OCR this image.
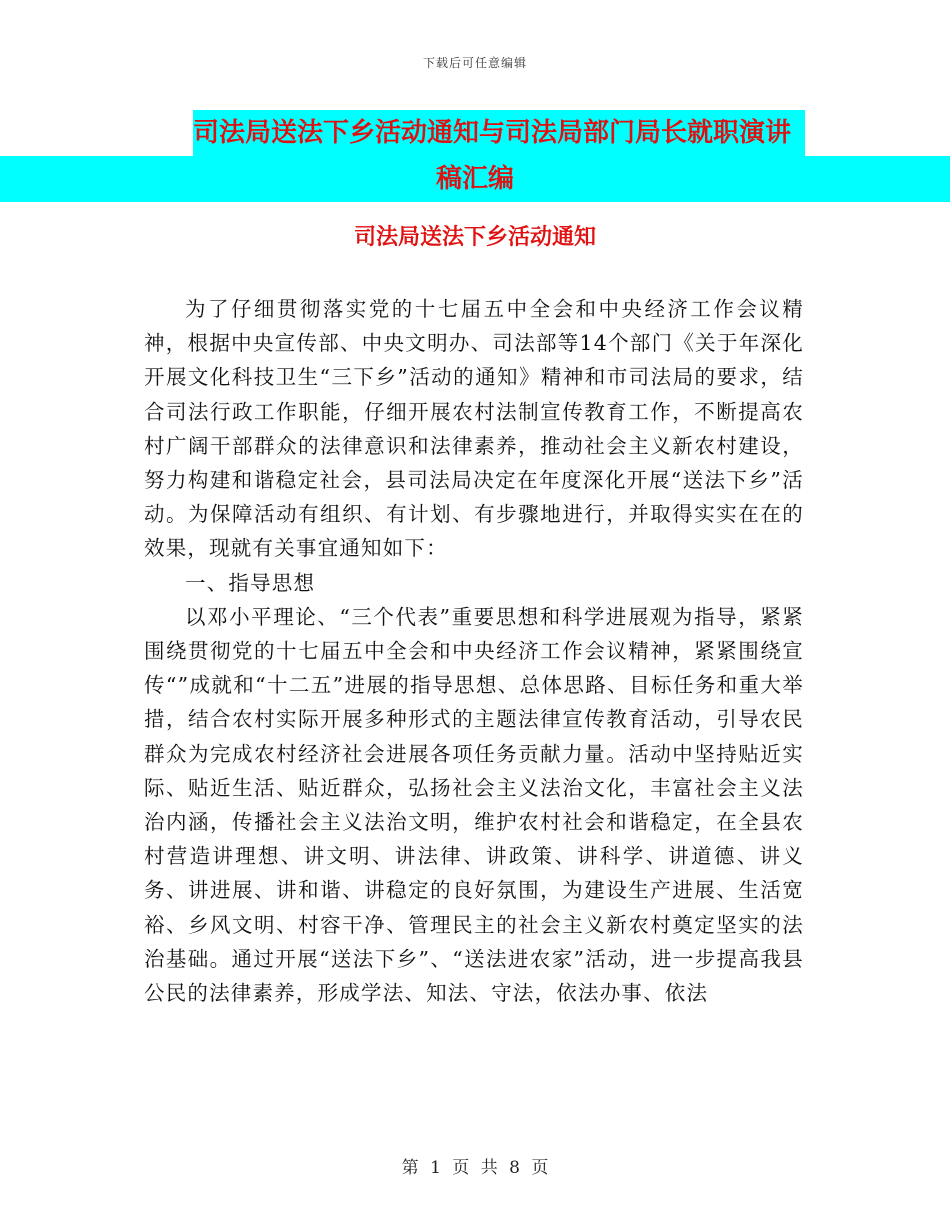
下载后可任意编辑
司法局送法下乡活动通知与司法局部门局长就职演讲
稿汇编
司法局送法下乡活动通知

为了仔细贯彻落实党的十七届五中全会和中央经济工作会议精神，根据中央宣传部、中央文明办、司法部等14个部门《关于年深化开展文化科技卫生“三下乡”活动的通知》精神和市司法局的要求，结合司法行政工作职能，仔细开展农村法制宣传教育工作，不断提高农村广阔干部群众的法律意识和法律素养，推动社会主义新农村建设，努力构建和谐稳定社会，县司法局决定在年度深化开展“送法下乡”活动。为保障活动有组织、有计划、有步骤地进行，并取得实实在在的效果，现就有关事宜通知如下：

一、指导思想

以邓小平理论、“三个代表”重要思想和科学进展观为指导，紧紧围绕贯彻党的十七届五中全会和中央经济工作会议精神，紧紧围绕宣传“”成就和“十二五”进展的指导思想、总体思路、目标任务和重大举措，结合农村实际开展多种形式的主题法律宣传教育活动，引导农民群众为完成农村经济社会进展各项任务贡献力量。活动中坚持贴近实际、贴近生活、贴近群众，弘扬社会主义法治文化，丰富社会主义法治内涵，传播社会主义法治文明，维护农村社会和谐稳定，在全县农村营造讲理想、讲文明、讲法律、讲政策、讲科学、讲道德、讲义务、讲进展、讲和谐、讲稳定的良好氛围，为建设生产进展、生活宽裕、乡风文明、村容干净、管理民主的社会主义新农村奠定坚实的法治基础。通过开展“送法下乡”、“送法进农家”活动，进一步提高我县公民的法律素养，形成学法、知法、守法，依法办事、依法

第 1 页 共 8 页
